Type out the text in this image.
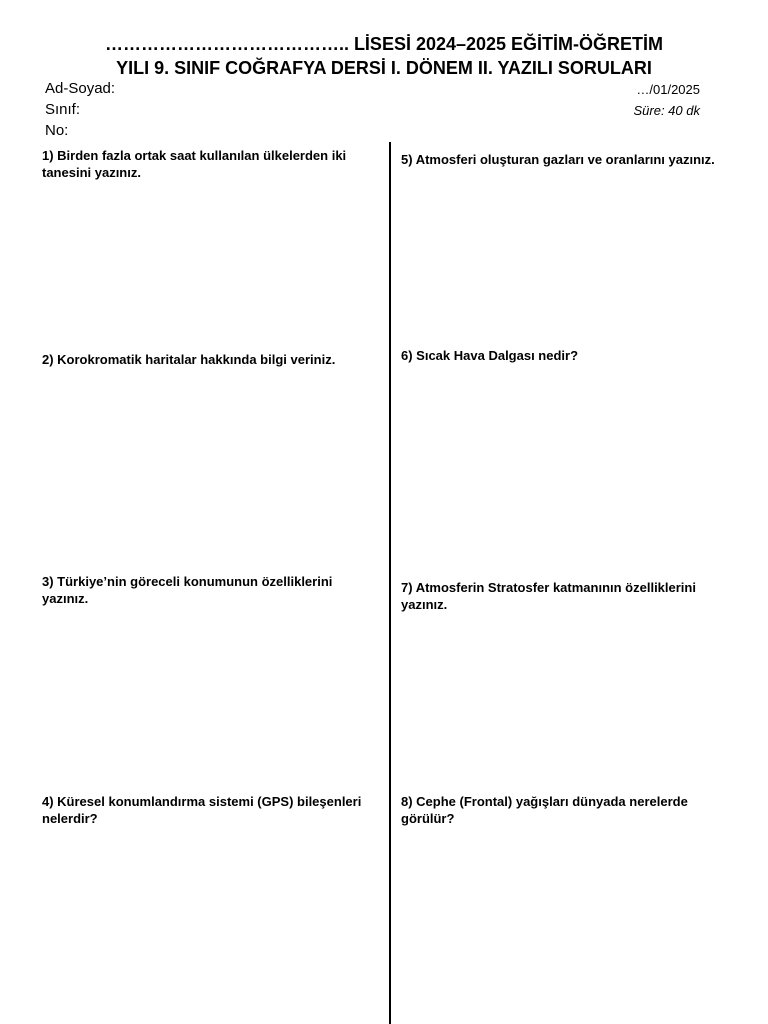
………………………………….. LİSESİ 2024–2025 EĞİTİM-ÖĞRETİM
YILI 9. SINIF COĞRAFYA DERSİ I. DÖNEM II. YAZILI SORULARI
Ad-Soyad:
Sınıf:
No:
…/01/2025
Süre: 40 dk
1) Birden fazla ortak saat kullanılan ülkelerden iki tanesini yazınız.
2) Korokromatik haritalar hakkında bilgi veriniz.
3) Türkiye’nin göreceli konumunun özelliklerini yazınız.
4) Küresel konumlandırma sistemi (GPS) bileşenleri nelerdir?
5) Atmosferi oluşturan gazları ve oranlarını yazınız.
6) Sıcak Hava Dalgası nedir?
7) Atmosferin Stratosfer katmanının özelliklerini yazınız.
8) Cephe (Frontal) yağışları dünyada nerelerde görülür?
